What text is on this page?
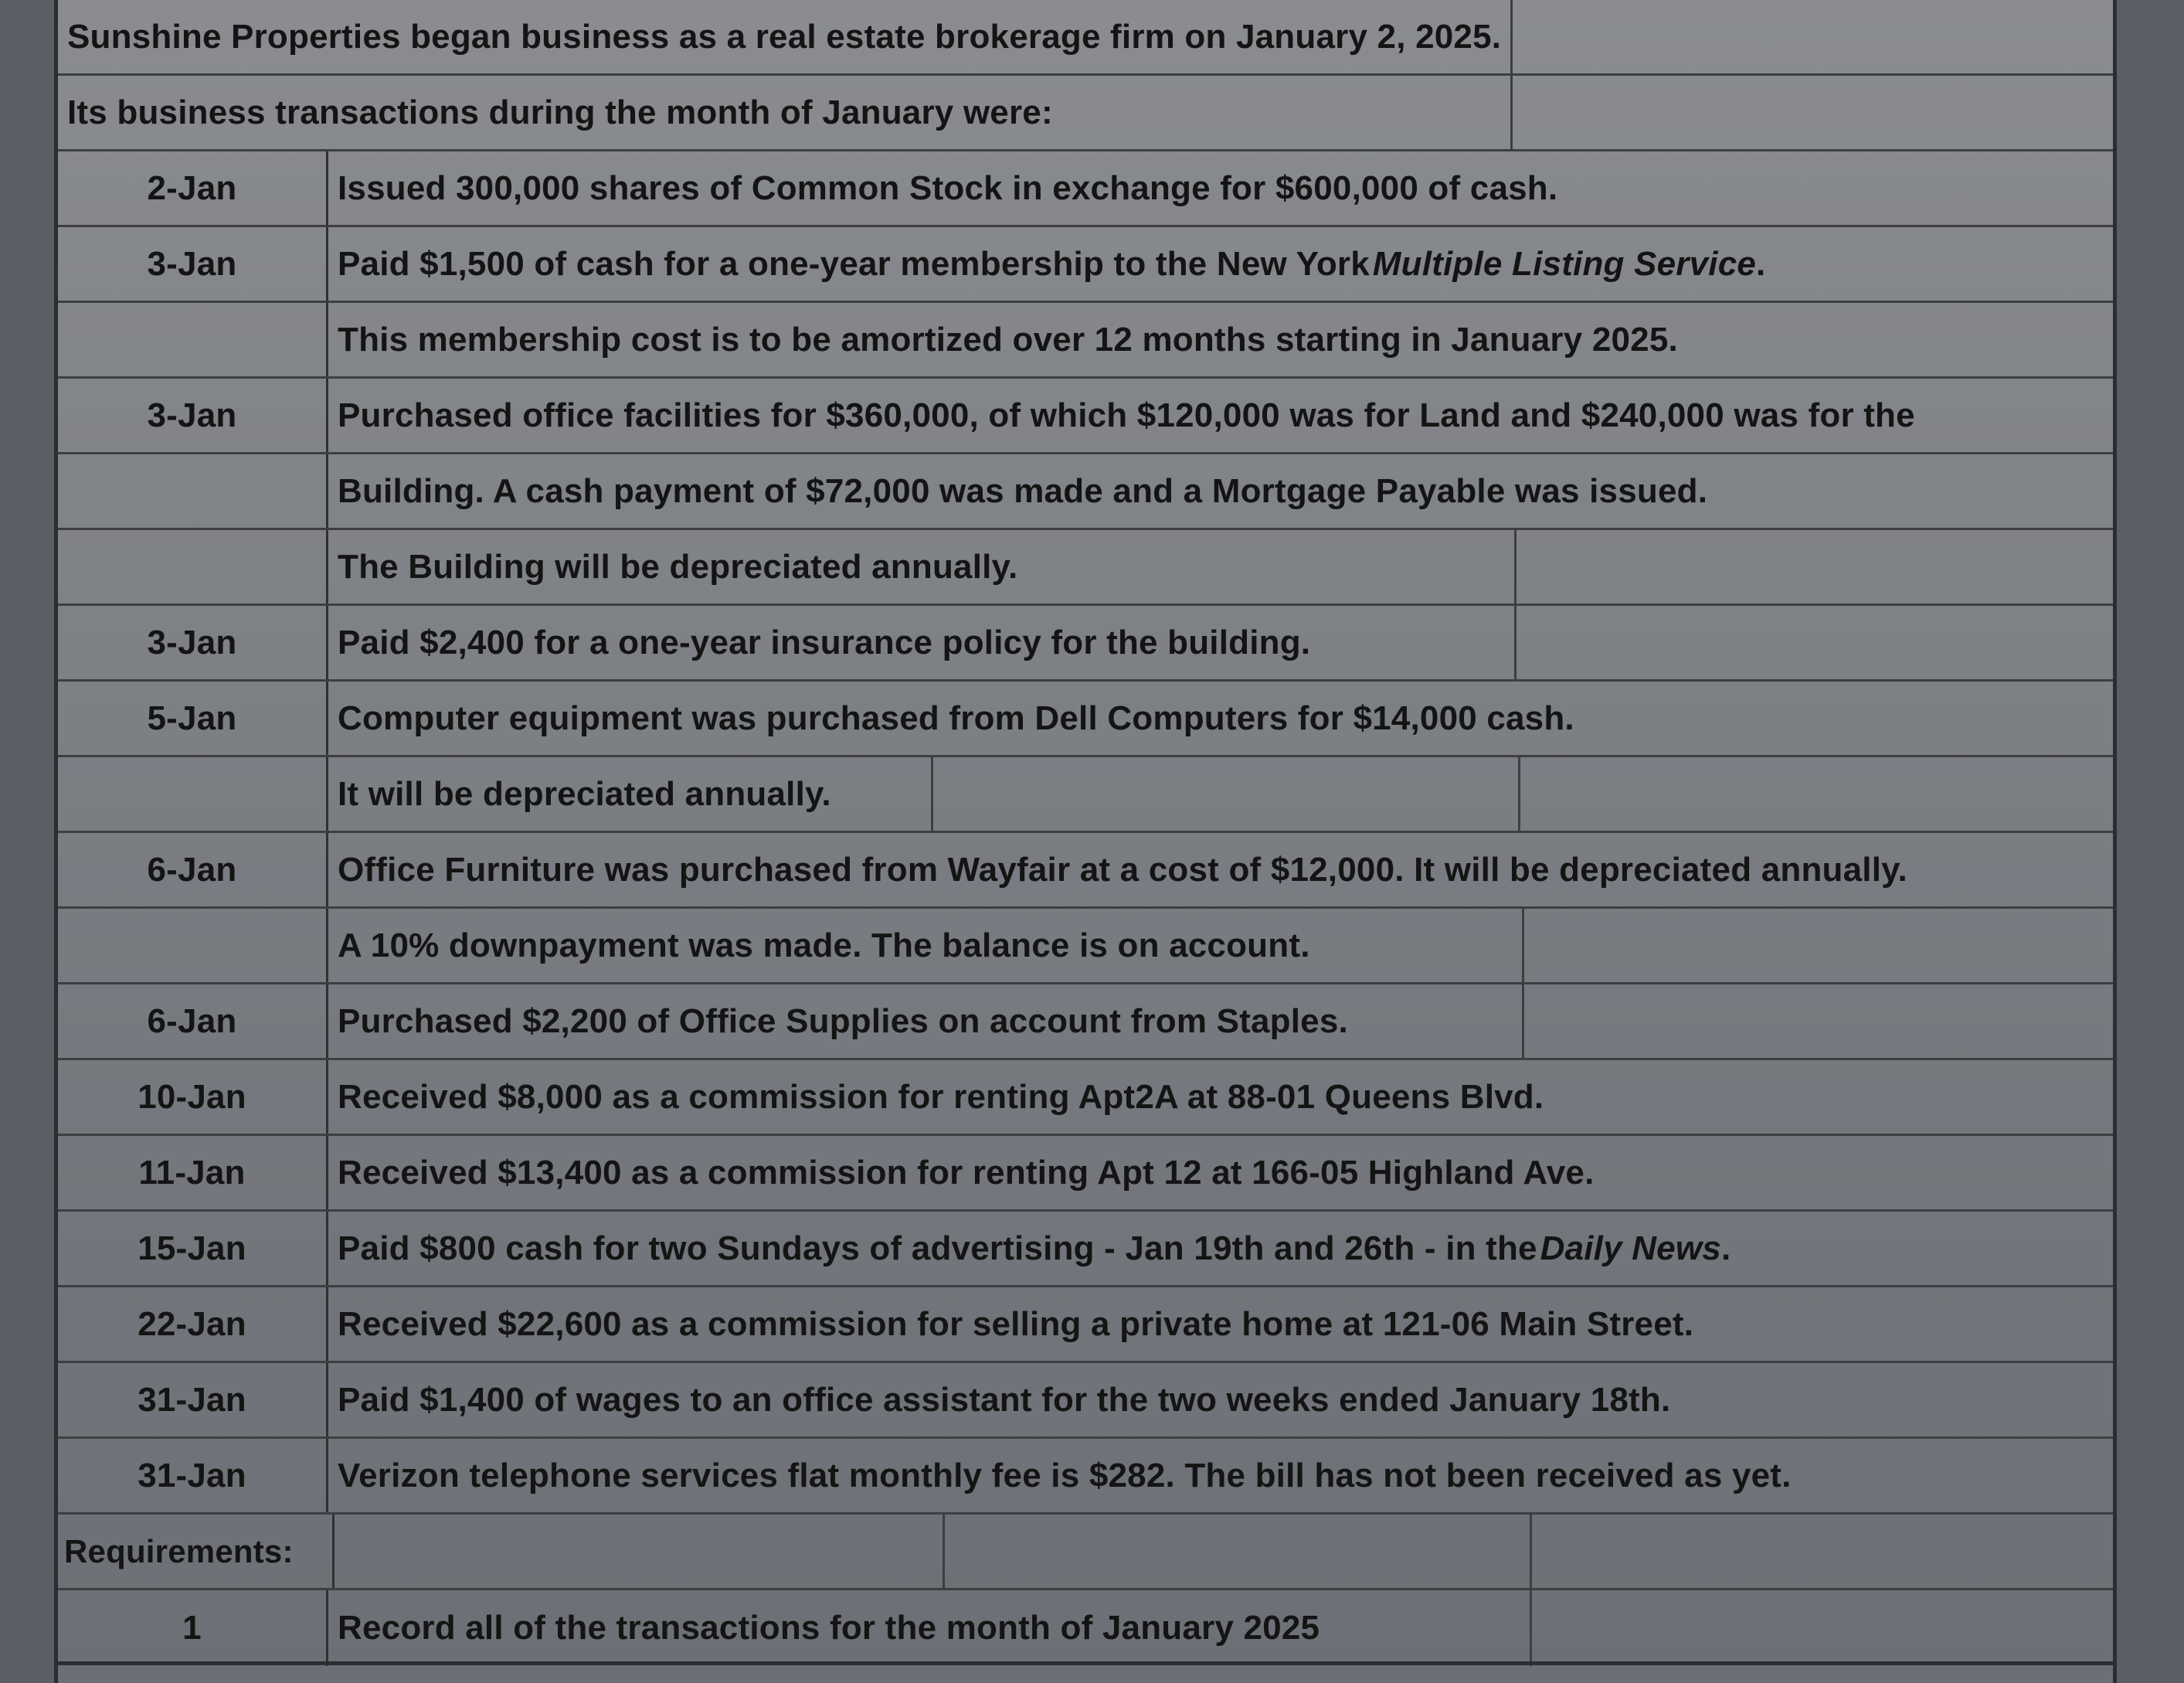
Sunshine Properties began business as a real estate brokerage firm on January 2, 2025.
Its business transactions during the month of January were:
2-Jan	Issued 300,000 shares of Common Stock in exchange for $600,000 of cash.
3-Jan	Paid $1,500 of cash for a one-year membership to the New York
  Multiple Listing Service .
This membership cost is to be amortized over 12 months starting in January 2025.
3-Jan	Purchased office facilities for $360,000, of which $120,000 was for Land and $240,000 was for the
Building. A cash payment of $72,000 was made and a Mortgage Payable was issued.
The Building will be depreciated annually.
3-Jan	Paid $2,400 for a one-year insurance policy for the building.
5-Jan	Computer equipment was purchased from Dell Computers for $14,000 cash.
It will be depreciated annually.
6-Jan	Office Furniture was purchased from Wayfair at a cost of $12,000. It will be depreciated annually.
A 10% downpayment was made. The balance is on account.
6-Jan	Purchased $2,200 of Office Supplies on account from Staples.
10-Jan	Received $8,000 as a commission for renting Apt2A at 88-01 Queens Blvd.
11-Jan	Received $13,400 as a commission for renting Apt 12 at 166-05 Highland Ave.
15-Jan	Paid $800 cash for two Sundays of advertising - Jan 19th and 26th - in the
  Daily News .
22-Jan	Received $22,600 as a commission for selling a private home at 121-06 Main Street.
31-Jan	Paid $1,400 of wages to an office assistant for the two weeks ended January 18th.
31-Jan	Verizon telephone services flat monthly fee is $282. The bill has not been received as yet.
Requirements:
1	Record all of the transactions for the month of January 2025
